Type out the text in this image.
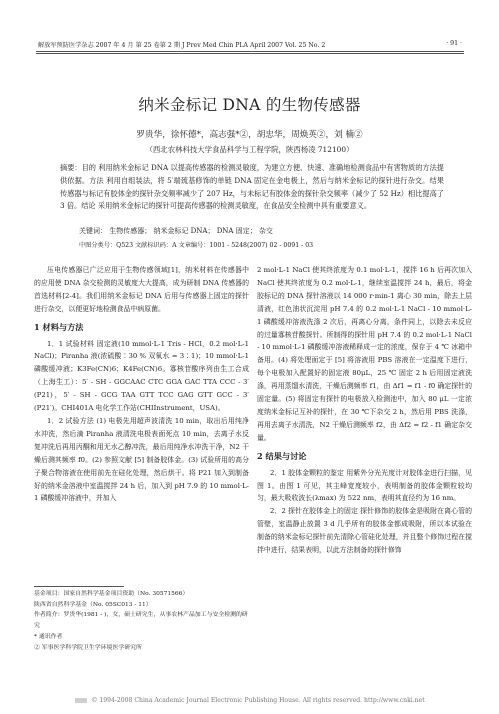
解放军预防医学杂志 2007 年 4 月 第 25 卷第 2 期 J Prev Med Chin PLA April 2007 Vol. 25 No. 2	· 91 ·
纳米金标记 DNA 的生物传感器
罗贵华，徐怀德*，高志强*②，胡忠华，周焕英②，刘 楠②
（西北农林科技大学食品科学与工程学院，陕西杨凌 712100）
摘要：目的 利用纳米金标记 DNA 以提高传感器的检测灵敏度，为建立方便、快速、准确地检测食品中有害物质的方法提供依据。方法 利用自组装法，将 5′端巯基修饰的单链 DNA 固定在金电极上，然后与纳米金标记的探针进行杂交。结果 传感器与标记有胶体金的探针杂交频率减少了 207 Hz，与未标记有胶体金的探针杂交频率（减少了 52 Hz）相比提高了 3 倍。结论 采用纳米金标记的探针可提高传感器的检测灵敏度，在食品安全检测中具有重要意义。
关键词： 生物传感器； 纳米金标记 DNA； DNA 固定； 杂交
中图分类号：Q523 文献标识码：A 文章编号：1001 - 5248(2007) 02 - 0091 - 03

压电传感器已广泛应用于生物传感领域[1]，纳米材料在传感器中的应用使 DNA 杂交检测的灵敏度大大提高，成为研制 DNA 传感器的首选材料[2-4]。我们用纳米金标记 DNA 后用与传感器上固定的探针进行杂交，以便更好地检测食品中病原菌。

1 材料与方法

1．1 试验材料 固定液(10 mmol·L-1 Tris - HCl，0.2 mol·L-1 NaCl)；Piranha 液(浓硫酸∶30 % 双氧水 = 3∶1)；10 mmol·L-1 磷酸缓冲液；K3Fe(CN)6；K4Fe(CN)6。寡核苷酸序列由生工合成（上海生工）：5′ - SH - GGCAAC CTC GGA GAC TTA CCC - 3′ (P21)，5′ - SH - GCG TAA GTT TCC GAG GTT GCC - 3′ (P21′)。CHI401A 电化学工作站(CHIInstrument，USA)。

1．2 试验方法 (1) 电极先用超声波清洗 10 min，取出后用纯净水冲洗，然后滴 Piranha 液清洗电极表面死点 10 min，去离子水反复冲洗后再用丙酮和用无水乙醇冲洗，最后用纯净水冲洗干净，N2 干燥后测其频率 f0。(2) 参照文献 [5] 制备胶体金。(3) 试验所用的高分子聚合物溶液在使用前先在硅化处理，然后烘干。将 P21 加入到制备好的纳米金溶液中室温搅拌 24 h 后，加入到 pH 7.9 的 10 mmol·L-1 磷酸缓冲溶液中，并加入

2 mol·L-1 NaCl 使其终浓度为 0.1 mol·L-1，搅拌 16 h 后再次加入 NaCl 使其终浓度为 0.2 mol·L-1，继续室温搅拌 24 h，最后，将金胶标记的 DNA 探针溶液以 14 000 r·min-1 离心 30 min，除去上层清液，红色油状沉淀用 pH 7.4 的 0.2 mol·L-1 NaCl - 10 mmol·L-1 磷酸缓冲溶液洗涤 2 次后，再离心分离，条件同上，以除去未反应的过量寡核苷酸探针。所制得的探针用 pH 7.4 的 0.2 mol·L-1 NaCl - 10 mmol·L-1 磷酸缓冲溶液稀释成一定的浓度，保存于 4 ℃ 冰箱中备用。(4) 将处理面定于 [5] 将溶液用 PBS 溶液在一定温度下进行，每个电极加入配置好的固定液 80μL，25 ℃ 固定 2 h 后用固定液洗涤，再用蒸馏水清洗，干燥后测频率 f1，由 Δf1 = f1 - f0 确定探针的固定量。(5) 将固定有探针的电极放入检测池中，加入 80 μL 一定浓度纳米金标记互补的探针，在 30 ℃下杂交 2 h，然后用 PBS 洗涤，再用去离子水清洗，N2 干燥后测频率 f2，由 Δf2 = f2 - f1 确定杂交量。

2 结果与讨论

2．1 胶体金颗粒的鉴定 用紫外分光光度计对胶体金进行扫描，见图 1。由图 1 可见，其主峰宽度较小，表明制备的胶体金颗粒较均匀，最大吸收波长(λmax) 为 522 nm，表明其直径约为 16 nm。

2．2 探针在胶体金上的固定 探针修饰的胶体金是吸附在离心管的管壁，室温静止放置 3 d 几乎所有的胶体金都成吸附，所以本试验在制备的纳米金标记探针前先清除心管硅化处理，并且整个修饰过程在搅拌中进行，结果表明，以此方法制备的探针修饰

基金项目：国家自然科学基金项目资助（No. 30571566）
陕西省自然科学基金（No. 05SC013 - 11）
作者简介：罗贵华(1981 - )，女，硕士研究生，从事农林产品加工与安全检测的研究
* 通讯作者
② 军事医学科学院卫生学环境医学研究所
© 1994-2008 China Academic Journal Electronic Publishing House. All rights reserved. http://www.cnki.net
